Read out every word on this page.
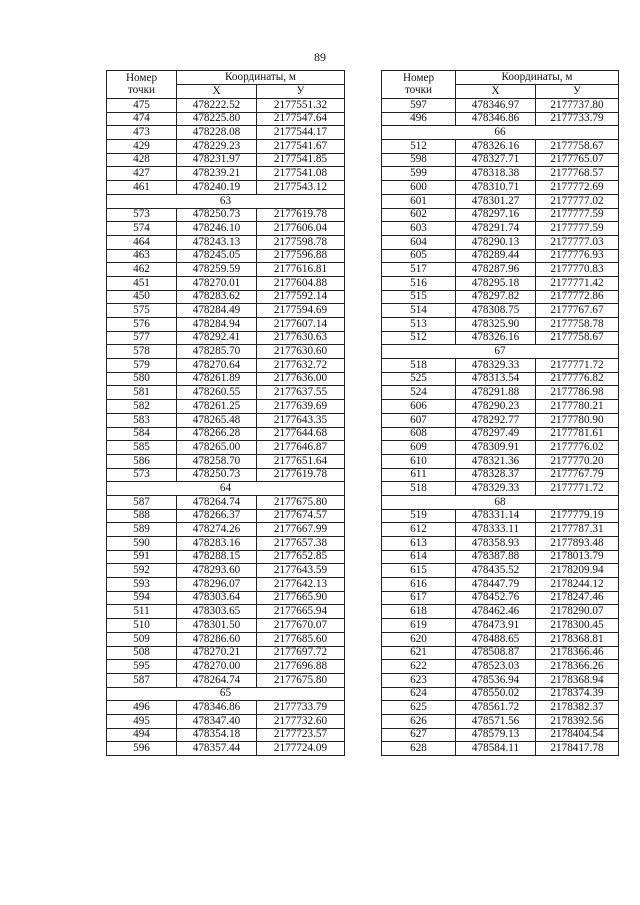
89
Номер
точки	Координаты, м	
	X	У
475	478222.52	2177551.32
474	478225.80	2177547.64
473	478228.08	2177544.17
429	478229.23	2177541.67
428	478231.97	2177541.85
427	478239.21	2177541.08
461	478240.19	2177543.12
63		
573	478250.73	2177619.78
574	478246.10	2177606.04
464	478243.13	2177598.78
463	478245.05	2177596.88
462	478259.59	2177616.81
451	478270.01	2177604.88
450	478283.62	2177592.14
575	478284.49	2177594.69
576	478284.94	2177607.14
577	478292.41	2177630.63
578	478285.70	2177630.60
579	478270.64	2177632.72
580	478261.89	2177636.00
581	478260.55	2177637.55
582	478261.25	2177639.69
583	478265.48	2177643.35
584	478266.28	2177644.68
585	478265.00	2177646.87
586	478258.70	2177651.64
573	478250.73	2177619.78
64		
587	478264.74	2177675.80
588	478266.37	2177674.57
589	478274.26	2177667.99
590	478283.16	2177657.38
591	478288.15	2177652.85
592	478293.60	2177643.59
593	478296.07	2177642.13
594	478303.64	2177665.90
511	478303.65	2177665.94
510	478301.50	2177670.07
509	478286.60	2177685.60
508	478270.21	2177697.72
595	478270.00	2177696.88
587	478264.74	2177675.80
65		
496	478346.86	2177733.79
495	478347.40	2177732.60
494	478354.18	2177723.57
596	478357.44	2177724.09
Номер
точки	Координаты, м	
	X	У
597	478346.97	2177737.80
496	478346.86	2177733.79
66		
512	478326.16	2177758.67
598	478327.71	2177765.07
599	478318.38	2177768.57
600	478310.71	2177772.69
601	478301.27	2177777.02
602	478297.16	2177777.59
603	478291.74	2177777.59
604	478290.13	2177777.03
605	478289.44	2177776.93
517	478287.96	2177770.83
516	478295.18	2177771.42
515	478297.82	2177772.86
514	478308.75	2177767.67
513	478325.90	2177758.78
512	478326.16	2177758.67
67		
518	478329.33	2177771.72
525	478313.54	2177776.82
524	478291.88	2177786.98
606	478290.23	2177780.21
607	478292.77	2177780.90
608	478297.49	2177781.61
609	478309.91	2177776.02
610	478321.36	2177770.20
611	478328.37	2177767.79
518	478329.33	2177771.72
68		
519	478331.14	2177779.19
612	478333.11	2177787.31
613	478358.93	2177893.48
614	478387.88	2178013.79
615	478435.52	2178209.94
616	478447.79	2178244.12
617	478452.76	2178247.46
618	478462.46	2178290.07
619	478473.91	2178300.45
620	478488.65	2178368.81
621	478508.87	2178366.46
622	478523.03	2178366.26
623	478536.94	2178368.94
624	478550.02	2178374.39
625	478561.72	2178382.37
626	478571.56	2178392.56
627	478579.13	2178404.54
628	478584.11	2178417.78
